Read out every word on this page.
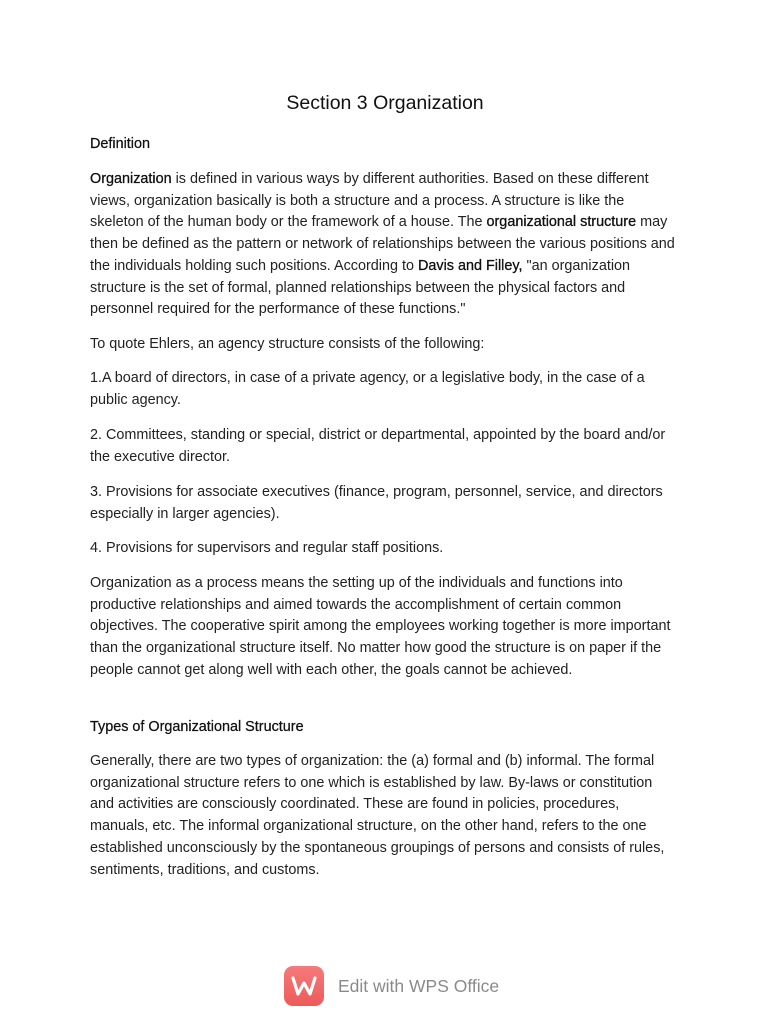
Section 3 Organization
Definition

Organization is defined in various ways by different authorities. Based on these different views, organization basically is both a structure and a process. A structure is like the skeleton of the human body or the framework of a house. The organizational structure may then be defined as the pattern or network of relationships between the various positions and the individuals holding such positions. According to Davis and Filley, "an organization structure is the set of formal, planned relationships between the physical factors and personnel required for the performance of these functions."

To quote Ehlers, an agency structure consists of the following:

1.A board of directors, in case of a private agency, or a legislative body, in the case of a public agency.

2. Committees, standing or special, district or departmental, appointed by the board and/or the executive director.

3. Provisions for associate executives (finance, program, personnel, service, and directors especially in larger agencies).

4. Provisions for supervisors and regular staff positions.

Organization as a process means the setting up of the individuals and functions into productive relationships and aimed towards the accomplishment of certain common objectives. The cooperative spirit among the employees working together is more important than the organizational structure itself. No matter how good the structure is on paper if the people cannot get along well with each other, the goals cannot be achieved.

Types of Organizational Structure

Generally, there are two types of organization: the (a) formal and (b) informal. The formal organizational structure refers to one which is established by law. By-laws or constitution and activities are consciously coordinated. These are found in policies, procedures, manuals, etc. The informal organizational structure, on the other hand, refers to the one established unconsciously by the spontaneous groupings of persons and consists of rules, sentiments, traditions, and customs.

Edit with WPS Office
